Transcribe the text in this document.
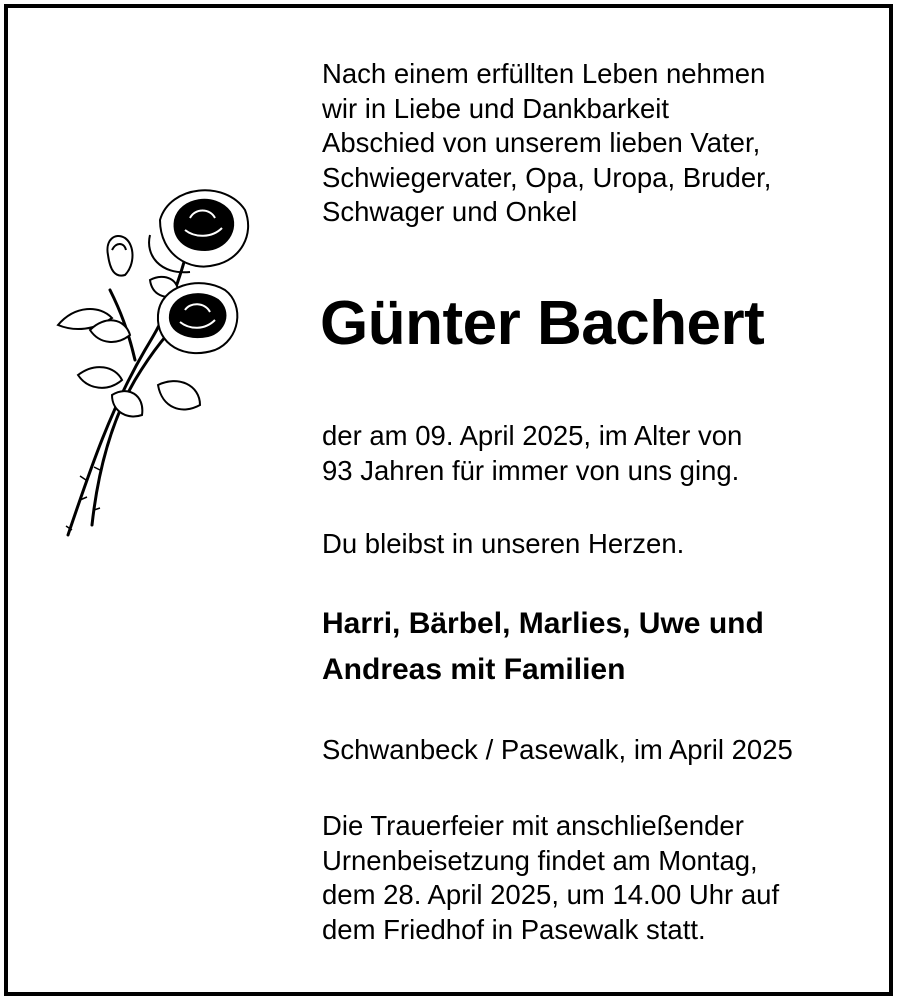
Nach einem erfüllten Leben nehmen
wir in Liebe und Dankbarkeit
Abschied von unserem lieben Vater,
Schwiegervater, Opa, Uropa, Bruder,
Schwager und Onkel

Günter Bachert

der am 09. April 2025, im Alter von
93 Jahren für immer von uns ging.

Du bleibst in unseren Herzen.

Harri, Bärbel, Marlies, Uwe und
Andreas mit Familien

Schwanbeck / Pasewalk, im April 2025

Die Trauerfeier mit anschließender
Urnenbeisetzung findet am Montag,
dem 28. April 2025, um 14.00 Uhr auf
dem Friedhof in Pasewalk statt.
